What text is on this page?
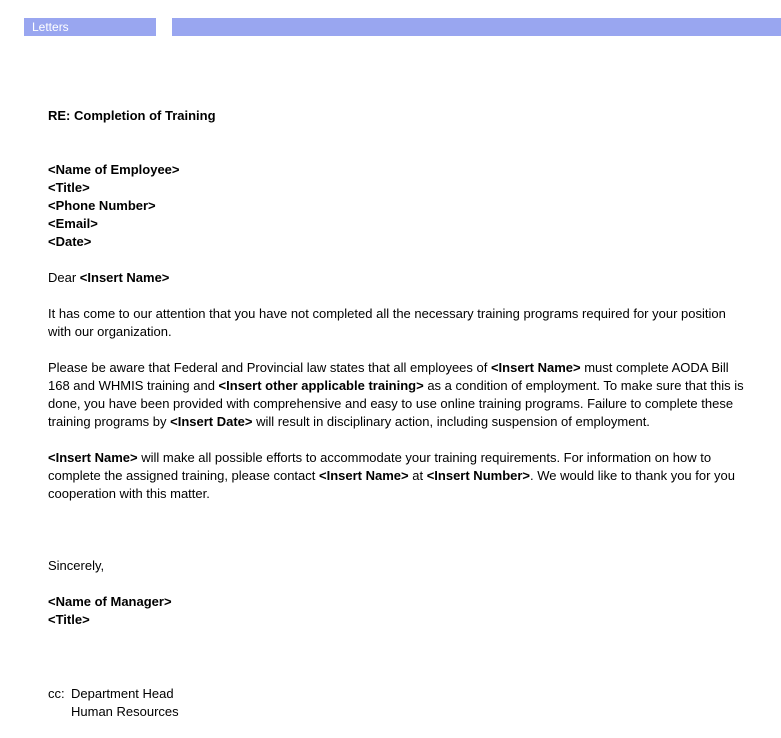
Letters

RE: Completion of Training

<Name of Employee>

<Title>

<Phone Number>

<Email>

<Date>

Dear <Insert Name>

It has come to our attention that you have not completed all the necessary training programs required for your position with our organization.

Please be aware that Federal and Provincial law states that all employees of <Insert Name> must complete AODA Bill 168 and WHMIS training and <Insert other applicable training> as a condition of employment. To make sure that this is done, you have been provided with comprehensive and easy to use online training programs. Failure to complete these training programs by <Insert Date> will result in disciplinary action, including suspension of employment.

<Insert Name> will make all possible efforts to accommodate your training requirements. For information on how to complete the assigned training, please contact <Insert Name> at <Insert Number>. We would like to thank you for you cooperation with this matter.

Sincerely,

<Name of Manager>

<Title>

cc: Department Head

Human Resources
